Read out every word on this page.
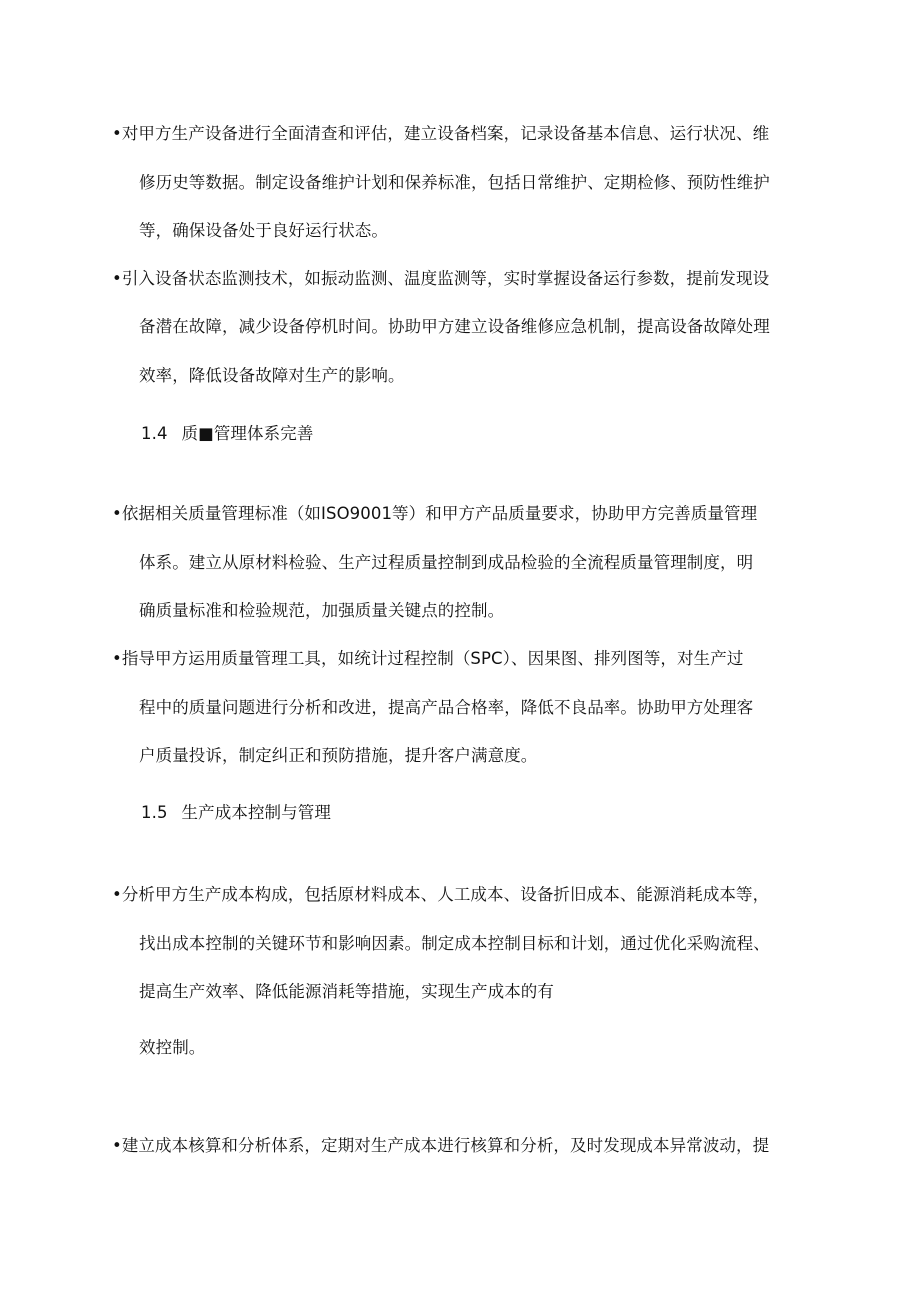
•对甲方生产设备进行全面清查和评估，建立设备档案，记录设备基本信息、运行状况、维
修历史等数据。制定设备维护计划和保养标准，包括日常维护、定期检修、预防性维护
等，确保设备处于良好运行状态。
•引入设备状态监测技术，如振动监测、温度监测等，实时掌握设备运行参数，提前发现设
备潜在故障，减少设备停机时间。协助甲方建立设备维修应急机制，提高设备故障处理
效率，降低设备故障对生产的影响。
1.4 质■管理体系完善
•依据相关质量管理标准（如ISO9001等）和甲方产品质量要求，协助甲方完善质量管理
体系。建立从原材料检验、生产过程质量控制到成品检验的全流程质量管理制度，明
确质量标准和检验规范，加强质量关键点的控制。
•指导甲方运用质量管理工具，如统计过程控制（SPC）、因果图、排列图等，对生产过
程中的质量问题进行分析和改进，提高产品合格率，降低不良品率。协助甲方处理客
户质量投诉，制定纠正和预防措施，提升客户满意度。
1.5 生产成本控制与管理
•分析甲方生产成本构成，包括原材料成本、人工成本、设备折旧成本、能源消耗成本等，
找出成本控制的关键环节和影响因素。制定成本控制目标和计划，通过优化采购流程、
提高生产效率、降低能源消耗等措施，实现生产成本的有
效控制。
•建立成本核算和分析体系，定期对生产成本进行核算和分析，及时发现成本异常波动，提
